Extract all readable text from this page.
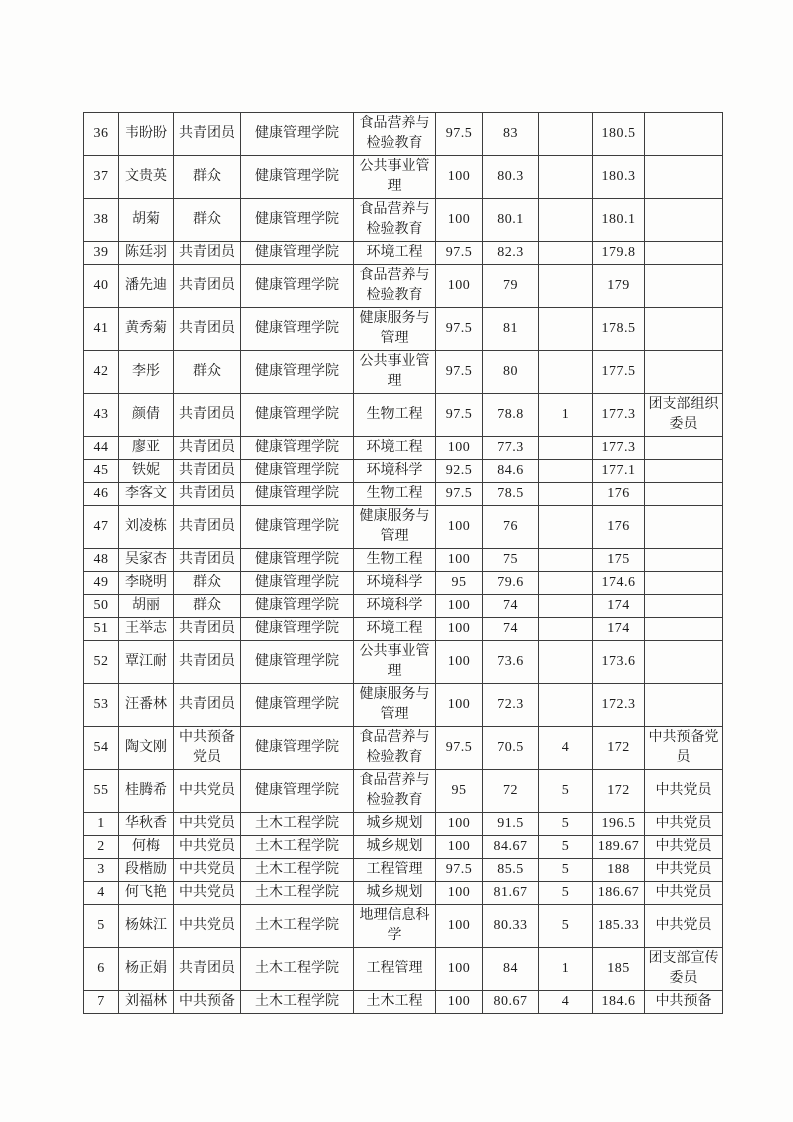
36	韦盼盼	共青团员	健康管理学院	食品营养与检验教育	97.5	83		180.5	
37	文贵英	群众	健康管理学院	公共事业管理	100	80.3		180.3	
38	胡菊	群众	健康管理学院	食品营养与检验教育	100	80.1		180.1	
39	陈廷羽	共青团员	健康管理学院	环境工程	97.5	82.3		179.8	
40	潘先迪	共青团员	健康管理学院	食品营养与检验教育	100	79		179	
41	黄秀菊	共青团员	健康管理学院	健康服务与管理	97.5	81		178.5	
42	李彤	群众	健康管理学院	公共事业管理	97.5	80		177.5	
43	颜倩	共青团员	健康管理学院	生物工程	97.5	78.8	1	177.3	团支部组织委员
44	廖亚	共青团员	健康管理学院	环境工程	100	77.3		177.3	
45	铁妮	共青团员	健康管理学院	环境科学	92.5	84.6		177.1	
46	李客文	共青团员	健康管理学院	生物工程	97.5	78.5		176	
47	刘凌栋	共青团员	健康管理学院	健康服务与管理	100	76		176	
48	吴家杏	共青团员	健康管理学院	生物工程	100	75		175	
49	李晓明	群众	健康管理学院	环境科学	95	79.6		174.6	
50	胡丽	群众	健康管理学院	环境科学	100	74		174	
51	王举志	共青团员	健康管理学院	环境工程	100	74		174	
52	覃江耐	共青团员	健康管理学院	公共事业管理	100	73.6		173.6	
53	汪番林	共青团员	健康管理学院	健康服务与管理	100	72.3		172.3	
54	陶文刚	中共预备党员	健康管理学院	食品营养与检验教育	97.5	70.5	4	172	中共预备党员
55	桂腾希	中共党员	健康管理学院	食品营养与检验教育	95	72	5	172	中共党员
1	华秋香	中共党员	土木工程学院	城乡规划	100	91.5	5	196.5	中共党员
2	何梅	中共党员	土木工程学院	城乡规划	100	84.67	5	189.67	中共党员
3	段楷励	中共党员	土木工程学院	工程管理	97.5	85.5	5	188	中共党员
4	何飞艳	中共党员	土木工程学院	城乡规划	100	81.67	5	186.67	中共党员
5	杨妹江	中共党员	土木工程学院	地理信息科学	100	80.33	5	185.33	中共党员
6	杨正娟	共青团员	土木工程学院	工程管理	100	84	1	185	团支部宣传委员
7	刘福林	中共预备	土木工程学院	土木工程	100	80.67	4	184.6	中共预备
